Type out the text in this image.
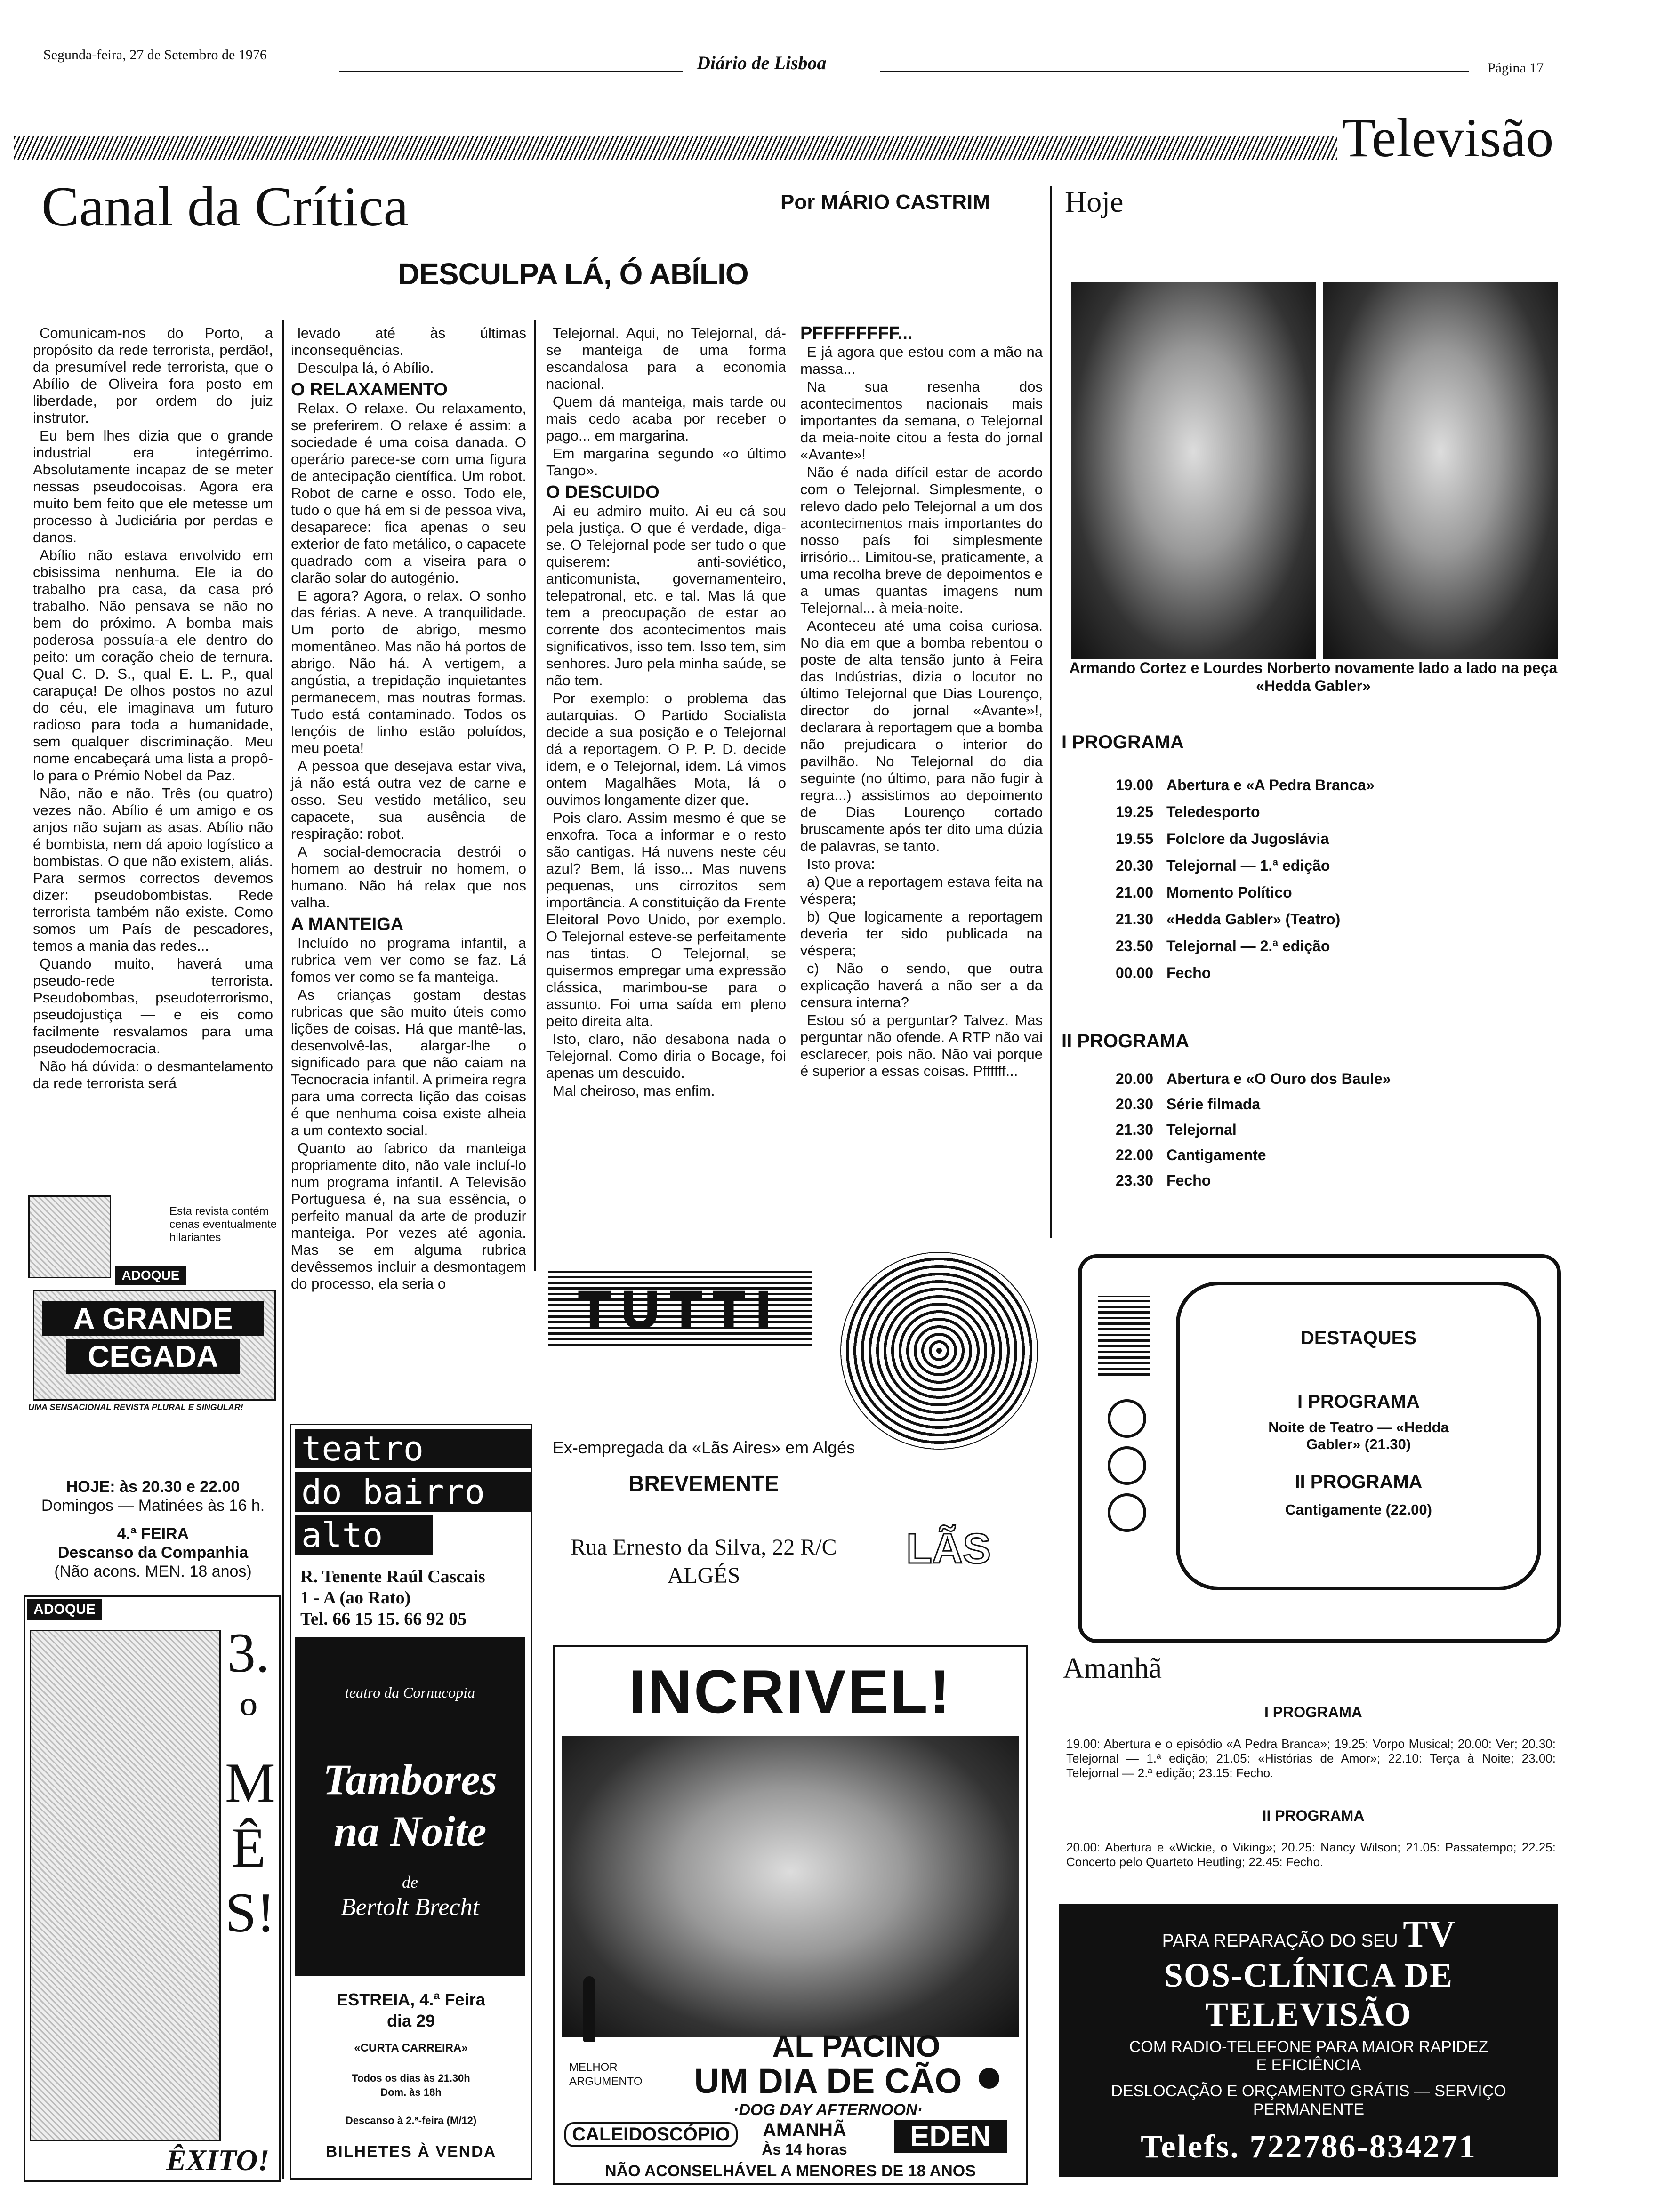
Segunda-feira, 27 de Setembro de 1976	Diário de Lisboa	Página 17
Televisão
Canal da Crítica	Por MÁRIO CASTRIM
DESCULPA LÁ, Ó ABÍLIO

Comunicam-nos do Porto, a propósito da rede terrorista, perdão!, da presumível rede terrorista, que o Abílio de Oliveira fora posto em liberdade, por ordem do juiz instrutor.

Eu bem lhes dizia que o grande industrial era integérrimo. Absolutamente incapaz de se meter nessas pseudocoisas. Agora era muito bem feito que ele metesse um processo à Judiciária por perdas e danos.

Abílio não estava envolvido em cbisissima nenhuma. Ele ia do trabalho pra casa, da casa pró trabalho. Não pensava se não no bem do próximo. A bomba mais poderosa possuía-a ele dentro do peito: um coração cheio de ternura. Qual C. D. S., qual E. L. P., qual carapuça! De olhos postos no azul do céu, ele imaginava um futuro radioso para toda a humanidade, sem qualquer discriminação. Meu nome encabeçará uma lista a propô-lo para o Prémio Nobel da Paz.

Não, não e não. Três (ou quatro) vezes não. Abílio é um amigo e os anjos não sujam as asas. Abílio não é bombista, nem dá apoio logístico a bombistas. O que não existem, aliás. Para sermos correctos devemos dizer: pseudobombistas. Rede terrorista também não existe. Como somos um País de pescadores, temos a mania das redes...

Quando muito, haverá uma pseudo-rede terrorista. Pseudobombas, pseudoterrorismo, pseudojustiça — e eis como facilmente resvalamos para uma pseudodemocracia.

Não há dúvida: o desmantelamento da rede terrorista será

levado até às últimas inconsequências.

Desculpa lá, ó Abílio.

O RELAXAMENTO

Relax. O relaxe. Ou relaxamento, se preferirem. O relaxe é assim: a sociedade é uma coisa danada. O operário parece-se com uma figura de antecipação científica. Um robot. Robot de carne e osso. Todo ele, tudo o que há em si de pessoa viva, desaparece: fica apenas o seu exterior de fato metálico, o capacete quadrado com a viseira para o clarão solar do autogénio.

E agora? Agora, o relax. O sonho das férias. A neve. A tranquilidade. Um porto de abrigo, mesmo momentâneo. Mas não há portos de abrigo. Não há. A vertigem, a angústia, a trepidação inquietantes permanecem, mas noutras formas. Tudo está contaminado. Todos os lençóis de linho estão poluídos, meu poeta!

A pessoa que desejava estar viva, já não está outra vez de carne e osso. Seu vestido metálico, seu capacete, sua ausência de respiração: robot.

A social-democracia destrói o homem ao destruir no homem, o humano. Não há relax que nos valha.

A MANTEIGA

Incluído no programa infantil, a rubrica vem ver como se faz. Lá fomos ver como se fa manteiga.

As crianças gostam destas rubricas que são muito úteis como lições de coisas. Há que mantê-las, desenvolvê-las, alargar-lhe o significado para que não caiam na Tecnocracia infantil. A primeira regra para uma correcta lição das coisas é que nenhuma coisa existe alheia a um contexto social.

Quanto ao fabrico da manteiga propriamente dito, não vale incluí-lo num programa infantil. A Televisão Portuguesa é, na sua essência, o perfeito manual da arte de produzir manteiga. Por vezes até agonia. Mas se em alguma rubrica devêssemos incluir a desmontagem do processo, ela seria o

Telejornal. Aqui, no Telejornal, dá-se manteiga de uma forma escandalosa para a economia nacional.

Quem dá manteiga, mais tarde ou mais cedo acaba por receber o pago... em margarina.

Em margarina segundo «o último Tango».

O DESCUIDO

Ai eu admiro muito. Ai eu cá sou pela justiça. O que é verdade, diga-se. O Telejornal pode ser tudo o que quiserem: anti-soviético, anticomunista, governamenteiro, telepatronal, etc. e tal. Mas lá que tem a preocupação de estar ao corrente dos acontecimentos mais significativos, isso tem. Isso tem, sim senhores. Juro pela minha saúde, se não tem.

Por exemplo: o problema das autarquias. O Partido Socialista decide a sua posição e o Telejornal dá a reportagem. O P. P. D. decide idem, e o Telejornal, idem. Lá vimos ontem Magalhães Mota, lá o ouvimos longamente dizer que.

Pois claro. Assim mesmo é que se enxofra. Toca a informar e o resto são cantigas. Há nuvens neste céu azul? Bem, lá isso... Mas nuvens pequenas, uns cirrozitos sem importância. A constituição da Frente Eleitoral Povo Unido, por exemplo. O Telejornal esteve-se perfeitamente nas tintas. O Telejornal, se quisermos empregar uma expressão clássica, marimbou-se para o assunto. Foi uma saída em pleno peito direita alta.

Isto, claro, não desabona nada o Telejornal. Como diria o Bocage, foi apenas um descuido.

Mal cheiroso, mas enfim.

PFFFFFFFF...

E já agora que estou com a mão na massa...

Na sua resenha dos acontecimentos nacionais mais importantes da semana, o Telejornal da meia-noite citou a festa do jornal «Avante»!

Não é nada difícil estar de acordo com o Telejornal. Simplesmente, o relevo dado pelo Telejornal a um dos acontecimentos mais importantes do nosso país foi simplesmente irrisório... Limitou-se, praticamente, a uma recolha breve de depoimentos e a umas quantas imagens num Telejornal... à meia-noite.

Aconteceu até uma coisa curiosa. No dia em que a bomba rebentou o poste de alta tensão junto à Feira das Indústrias, dizia o locutor no último Telejornal que Dias Lourenço, director do jornal «Avante»!, declarara à reportagem que a bomba não prejudicara o interior do pavilhão. No Telejornal do dia seguinte (no último, para não fugir à regra...) assistimos ao depoimento de Dias Lourenço cortado bruscamente após ter dito uma dúzia de palavras, se tanto.

Isto prova:

a) Que a reportagem estava feita na véspera;

b) Que logicamente a reportagem deveria ter sido publicada na véspera;

c) Não o sendo, que outra explicação haverá a não ser a da censura interna?

Estou só a perguntar? Talvez. Mas perguntar não ofende. A RTP não vai esclarecer, pois não. Não vai porque é superior a essas coisas. Pffffff...

Hoje
Armando Cortez e Lourdes Norberto novamente lado a lado na peça «Hedda Gabler»
I PROGRAMA
19.00 Abertura e «A Pedra Branca»
19.25 Teledesporto
19.55 Folclore da Jugoslávia
20.30 Telejornal — 1.ª edição
21.00 Momento Político
21.30 «Hedda Gabler» (Teatro)
23.50 Telejornal — 2.ª edição
00.00 Fecho
II PROGRAMA
20.00 Abertura e «O Ouro dos Baule»
20.30 Série filmada
21.30 Telejornal
22.00 Cantigamente
23.30 Fecho
DESTAQUES
I PROGRAMA
Noite de Teatro — «Hedda Gabler» (21.30)
II PROGRAMA
Cantigamente (22.00)
Amanhã
I PROGRAMA
19.00: Abertura e o episódio «A Pedra Branca»; 19.25: Vorpo Musical; 20.00: Ver; 20.30: Telejornal — 1.ª edição; 21.05: «Histórias de Amor»; 22.10: Terça à Noite; 23.00: Telejornal — 2.ª edição; 23.15: Fecho.
II PROGRAMA
20.00: Abertura e «Wickie, o Viking»; 20.25: Nancy Wilson; 21.05: Passatempo; 22.25: Concerto pelo Quarteto Heutling; 22.45: Fecho.
PARA REPARAÇÃO DO SEU TV
SOS-CLÍNICA DE TELEVISÃO
COM RADIO-TELEFONE PARA MAIOR RAPIDEZ
E EFICIÊNCIA
DESLOCAÇÃO E ORÇAMENTO GRÁTIS — SERVIÇO
PERMANENTE
Telefs. 722786-834271
Avenida S. João de Deus, 13-B - Rua Macau, 8
Esta revista contém cenas eventualmente hilariantes
ADOQUE
A GRANDE
CEGADA
UMA SENSACIONAL REVISTA PLURAL E SINGULAR!
HOJE: às 20.30 e 22.00
Domingos — Matinées às 16 h.
4.ª FEIRA
Descanso da Companhia
(Não acons. MEN. 18 anos)
ADOQUE
3.º MÊS!
ÊXITO!
teatro
do bairro
alto
R. Tenente Raúl Cascais
1 - A (ao Rato)
Tel. 66 15 15. 66 92 05
teatro da Cornucopia
Tambores
na Noite
de
Bertolt Brecht
ESTREIA, 4.ª Feira
dia 29
«CURTA CARREIRA»
Todos os dias às 21.30h
Dom. às 18h
Descanso à 2.ª-feira (M/12)
BILHETES À VENDA
TUTTI
Ex-empregada da «Lãs Aires» em Algés
BREVEMENTE
Rua Ernesto da Silva, 22 R/C
ALGÉS
LÃS
INCRIVEL!
AL PACINO
MELHOR
ARGUMENTO	UM DIA DE CÃO
·DOG DAY AFTERNOON·
CALEIDOSCÓPIO	AMANHÃ
Às 14 horas	EDEN
NÃO ACONSELHÁVEL A MENORES DE 18 ANOS
